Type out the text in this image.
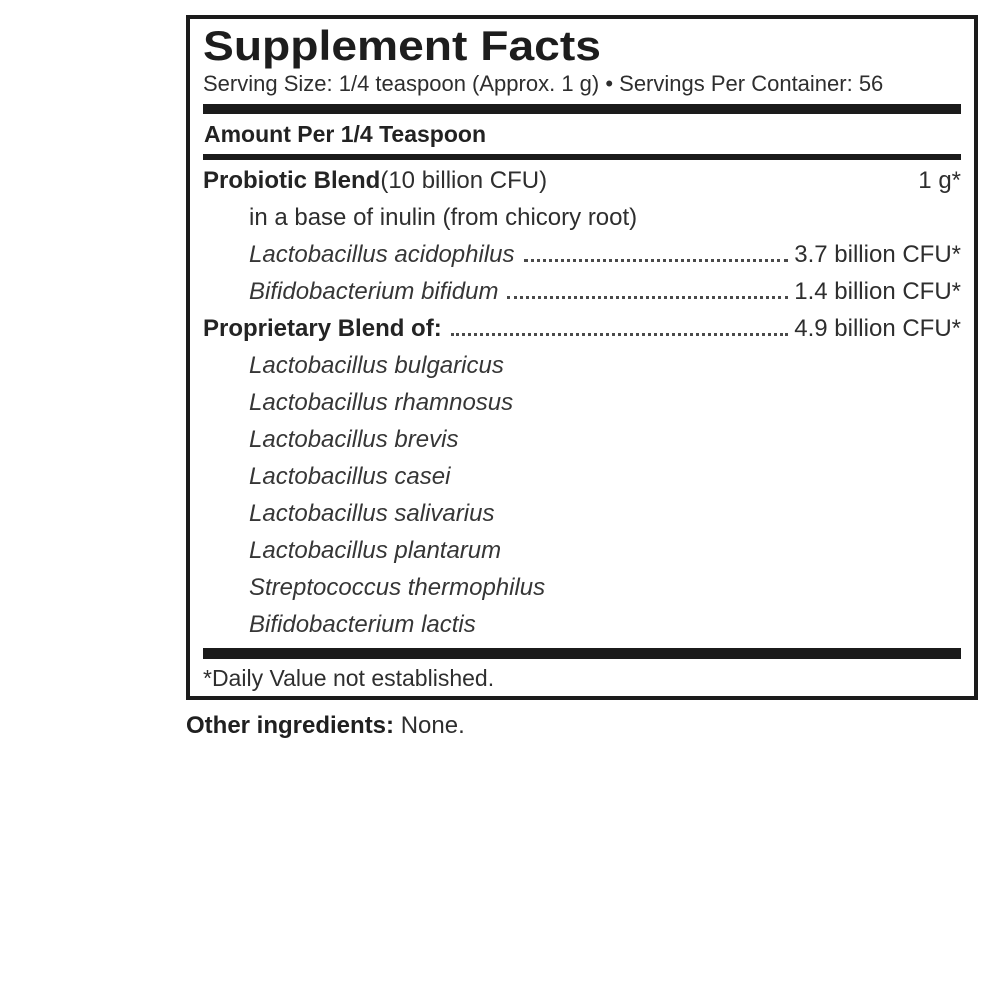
Supplement Facts
Serving Size: 1/4 teaspoon (Approx. 1 g) • Servings Per Container: 56
Amount Per 1/4 Teaspoon
Probiotic Blend (10 billion CFU)	1 g*
in a base of inulin (from chicory root)
Lactobacillus acidophilus	3.7 billion CFU*
Bifidobacterium bifidum	1.4 billion CFU*
Proprietary Blend of:	4.9 billion CFU*
Lactobacillus bulgaricus
Lactobacillus rhamnosus
Lactobacillus brevis
Lactobacillus casei
Lactobacillus salivarius
Lactobacillus plantarum
Streptococcus thermophilus
Bifidobacterium lactis
*Daily Value not established.
Other ingredients: None.
